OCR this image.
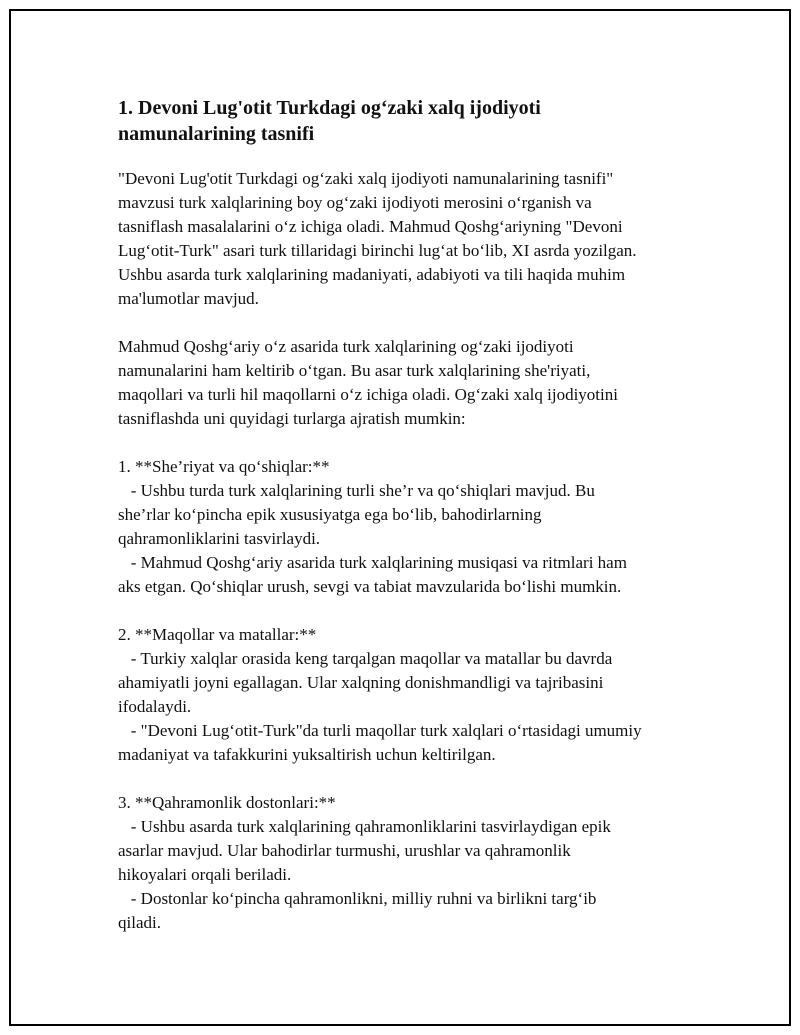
1. Devoni Lug'otit Turkdagi og‘zaki xalq ijodiyoti
namunalarining tasnifi

"Devoni Lug'otit Turkdagi og‘zaki xalq ijodiyoti namunalarining tasnifi"
mavzusi turk xalqlarining boy og‘zaki ijodiyoti merosini o‘rganish va
tasniflash masalalarini o‘z ichiga oladi. Mahmud Qoshg‘ariyning "Devoni
Lug‘otit-Turk" asari turk tillaridagi birinchi lug‘at bo‘lib, XI asrda yozilgan.
Ushbu asarda turk xalqlarining madaniyati, adabiyoti va tili haqida muhim
ma'lumotlar mavjud.

Mahmud Qoshg‘ariy o‘z asarida turk xalqlarining og‘zaki ijodiyoti
namunalarini ham keltirib o‘tgan. Bu asar turk xalqlarining she'riyati,
maqollari va turli hil maqollarni o‘z ichiga oladi. Og‘zaki xalq ijodiyotini
tasniflashda uni quyidagi turlarga ajratish mumkin:

1. **She’riyat va qo‘shiqlar:**
- Ushbu turda turk xalqlarining turli she’r va qo‘shiqlari mavjud. Bu
she’rlar ko‘pincha epik xususiyatga ega bo‘lib, bahodirlarning
qahramonliklarini tasvirlaydi.
- Mahmud Qoshg‘ariy asarida turk xalqlarining musiqasi va ritmlari ham
aks etgan. Qo‘shiqlar urush, sevgi va tabiat mavzularida bo‘lishi mumkin.

2. **Maqollar va matallar:**
- Turkiy xalqlar orasida keng tarqalgan maqollar va matallar bu davrda
ahamiyatli joyni egallagan. Ular xalqning donishmandligi va tajribasini
ifodalaydi.
- "Devoni Lug‘otit-Turk"da turli maqollar turk xalqlari o‘rtasidagi umumiy
madaniyat va tafakkurini yuksaltirish uchun keltirilgan.

3. **Qahramonlik dostonlari:**
- Ushbu asarda turk xalqlarining qahramonliklarini tasvirlaydigan epik
asarlar mavjud. Ular bahodirlar turmushi, urushlar va qahramonlik
hikoyalari orqali beriladi.
- Dostonlar ko‘pincha qahramonlikni, milliy ruhni va birlikni targ‘ib
qiladi.
